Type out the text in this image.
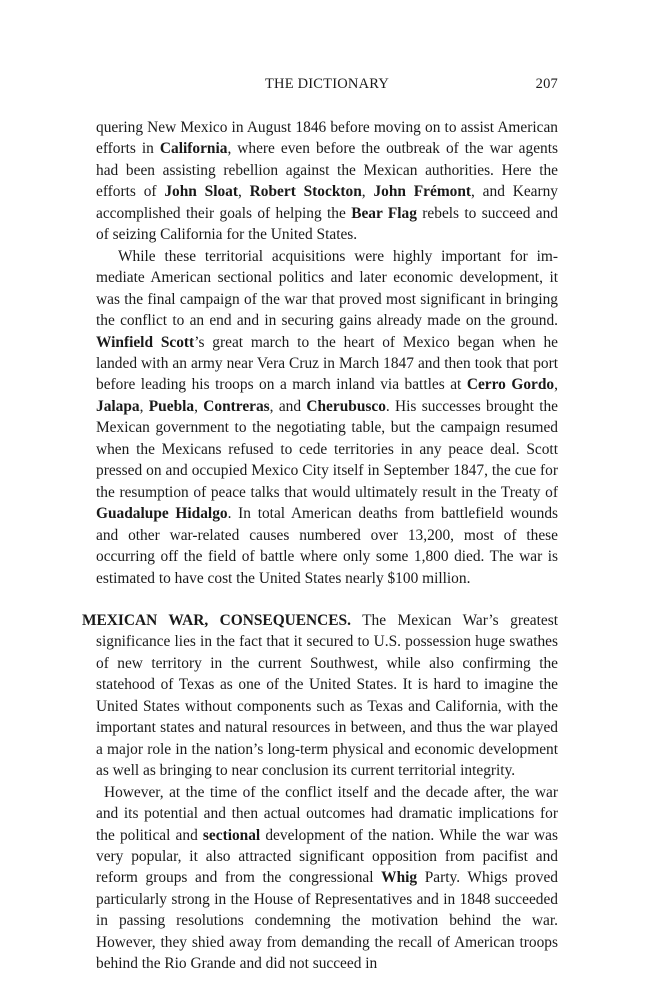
THE DICTIONARY	207

quering New Mexico in August 1846 before moving on to assist American efforts in California, where even before the outbreak of the war agents had been assisting rebellion against the Mexican authorities. Here the efforts of John Sloat, Robert Stockton, John Frémont, and Kearny accomplished their goals of helping the Bear Flag rebels to succeed and of seizing California for the United States.

While these territorial acquisitions were highly important for immediate American sectional politics and later economic development, it was the final campaign of the war that proved most significant in bringing the conflict to an end and in securing gains already made on the ground. Winfield Scott’s great march to the heart of Mexico began when he landed with an army near Vera Cruz in March 1847 and then took that port before leading his troops on a march inland via battles at Cerro Gordo, Jalapa, Puebla, Contreras, and Cherubusco. His successes brought the Mexican government to the negotiating table, but the campaign resumed when the Mexicans refused to cede territories in any peace deal. Scott pressed on and occupied Mexico City itself in September 1847, the cue for the resumption of peace talks that would ultimately result in the Treaty of Guadalupe Hidalgo. In total American deaths from battlefield wounds and other war-related causes numbered over 13,200, most of these occurring off the field of battle where only some 1,800 died. The war is estimated to have cost the United States nearly $100 million.

MEXICAN WAR, CONSEQUENCES. The Mexican War’s greatest significance lies in the fact that it secured to U.S. possession huge swathes of new territory in the current Southwest, while also confirming the statehood of Texas as one of the United States. It is hard to imagine the United States without components such as Texas and California, with the important states and natural resources in between, and thus the war played a major role in the nation’s long-term physical and economic development as well as bringing to near conclusion its current territorial integrity.

However, at the time of the conflict itself and the decade after, the war and its potential and then actual outcomes had dramatic implications for the political and sectional development of the nation. While the war was very popular, it also attracted significant opposition from pacifist and reform groups and from the congressional Whig Party. Whigs proved particularly strong in the House of Representatives and in 1848 succeeded in passing resolutions condemning the motivation behind the war. However, they shied away from demanding the recall of American troops behind the Rio Grande and did not succeed in
